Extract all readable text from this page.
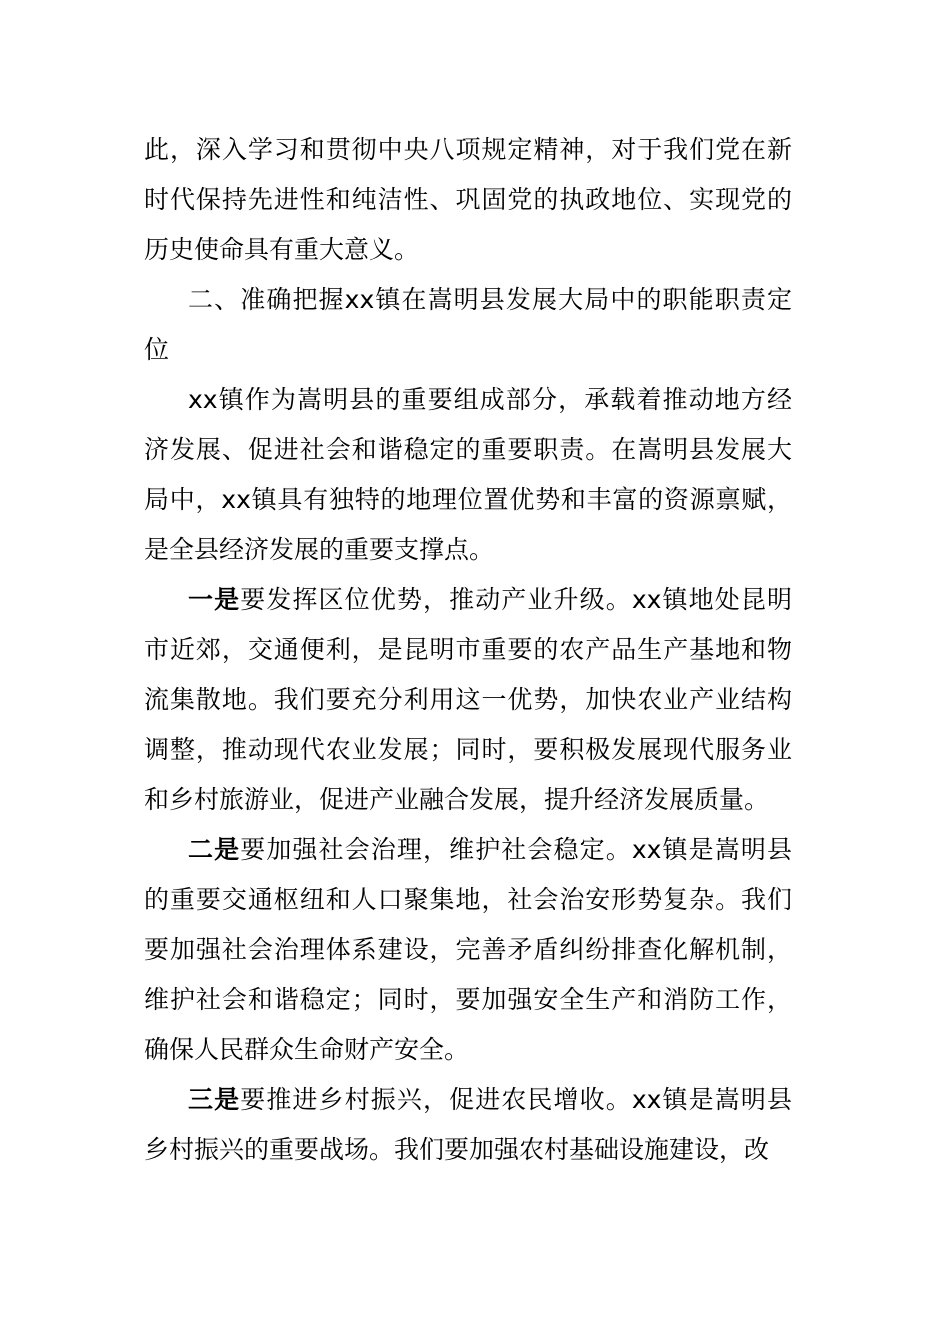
此，深入学习和贯彻中央八项规定精神，对于我们党在新时代保持先进性和纯洁性、巩固党的执政地位、实现党的历史使命具有重大意义。

二、准确把握xx镇在嵩明县发展大局中的职能职责定位

xx镇作为嵩明县的重要组成部分，承载着推动地方经济发展、促进社会和谐稳定的重要职责。在嵩明县发展大局中，xx镇具有独特的地理位置优势和丰富的资源禀赋，是全县经济发展的重要支撑点。

一是要发挥区位优势，推动产业升级。xx镇地处昆明市近郊，交通便利，是昆明市重要的农产品生产基地和物流集散地。我们要充分利用这一优势，加快农业产业结构调整，推动现代农业发展；同时，要积极发展现代服务业和乡村旅游业，促进产业融合发展，提升经济发展质量。

二是要加强社会治理，维护社会稳定。xx镇是嵩明县的重要交通枢纽和人口聚集地，社会治安形势复杂。我们要加强社会治理体系建设，完善矛盾纠纷排查化解机制，维护社会和谐稳定；同时，要加强安全生产和消防工作，确保人民群众生命财产安全。

三是要推进乡村振兴，促进农民增收。xx镇是嵩明县乡村振兴的重要战场。我们要加强农村基础设施建设，改
